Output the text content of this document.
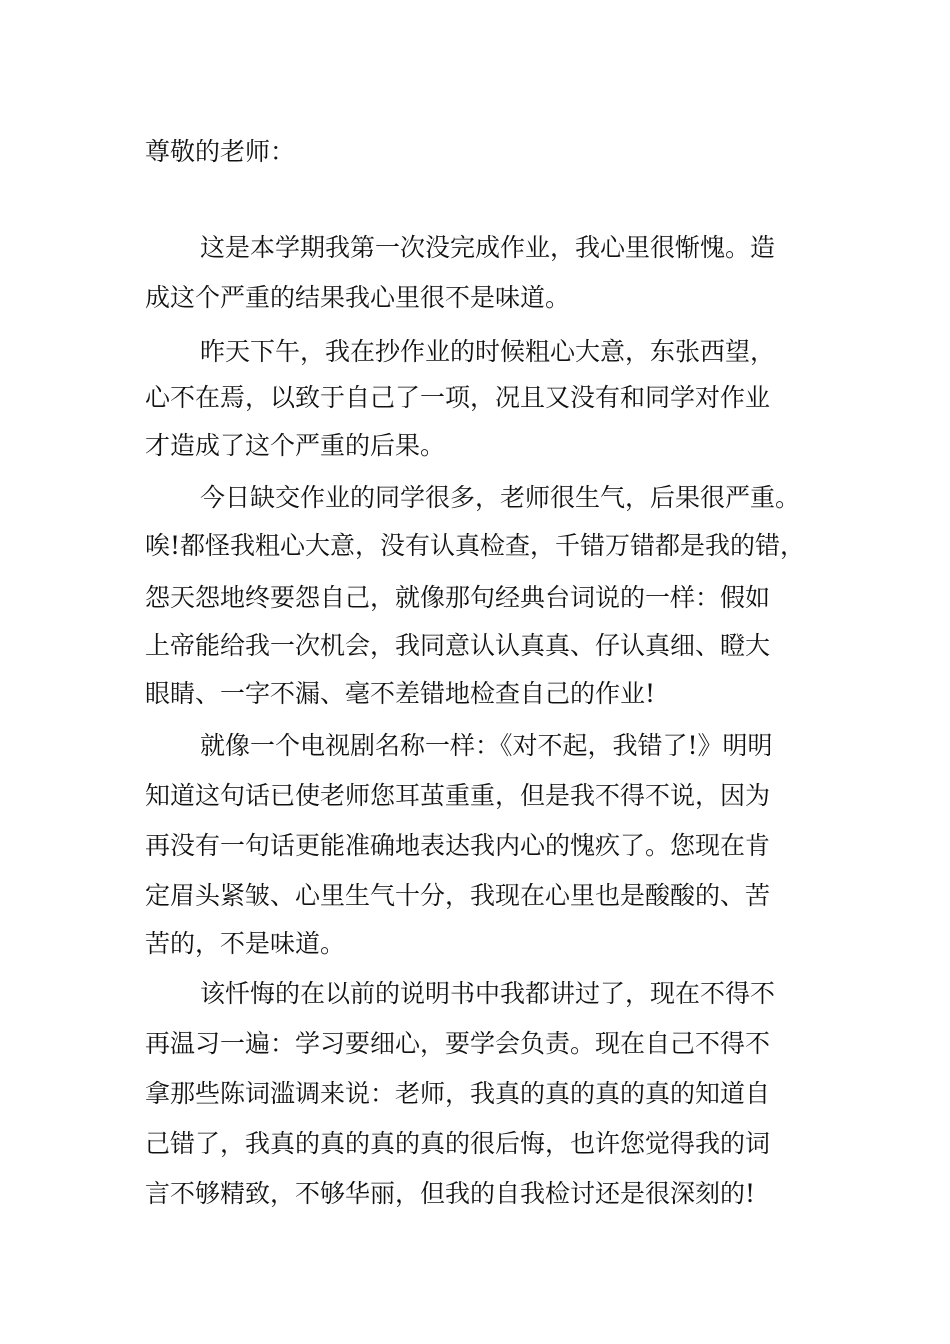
尊敬的老师：
这是本学期我第一次没完成作业，我心里很惭愧。造
成这个严重的结果我心里很不是味道。
昨天下午，我在抄作业的时候粗心大意，东张西望，
心不在焉，以致于自己了一项，况且又没有和同学对作业
才造成了这个严重的后果。
今日缺交作业的同学很多，老师很生气，后果很严重。
唉!都怪我粗心大意，没有认真检查，千错万错都是我的错，
怨天怨地终要怨自己，就像那句经典台词说的一样：假如
上帝能给我一次机会，我同意认认真真、仔认真细、瞪大
眼睛、一字不漏、毫不差错地检查自己的作业!
就像一个电视剧名称一样：《对不起，我错了!》明明
知道这句话已使老师您耳茧重重，但是我不得不说，因为
再没有一句话更能准确地表达我内心的愧疚了。您现在肯
定眉头紧皱、心里生气十分，我现在心里也是酸酸的、苦
苦的，不是味道。
该忏悔的在以前的说明书中我都讲过了，现在不得不
再温习一遍：学习要细心，要学会负责。现在自己不得不
拿那些陈词滥调来说：老师，我真的真的真的真的知道自
己错了，我真的真的真的真的很后悔，也许您觉得我的词
言不够精致，不够华丽，但我的自我检讨还是很深刻的!
